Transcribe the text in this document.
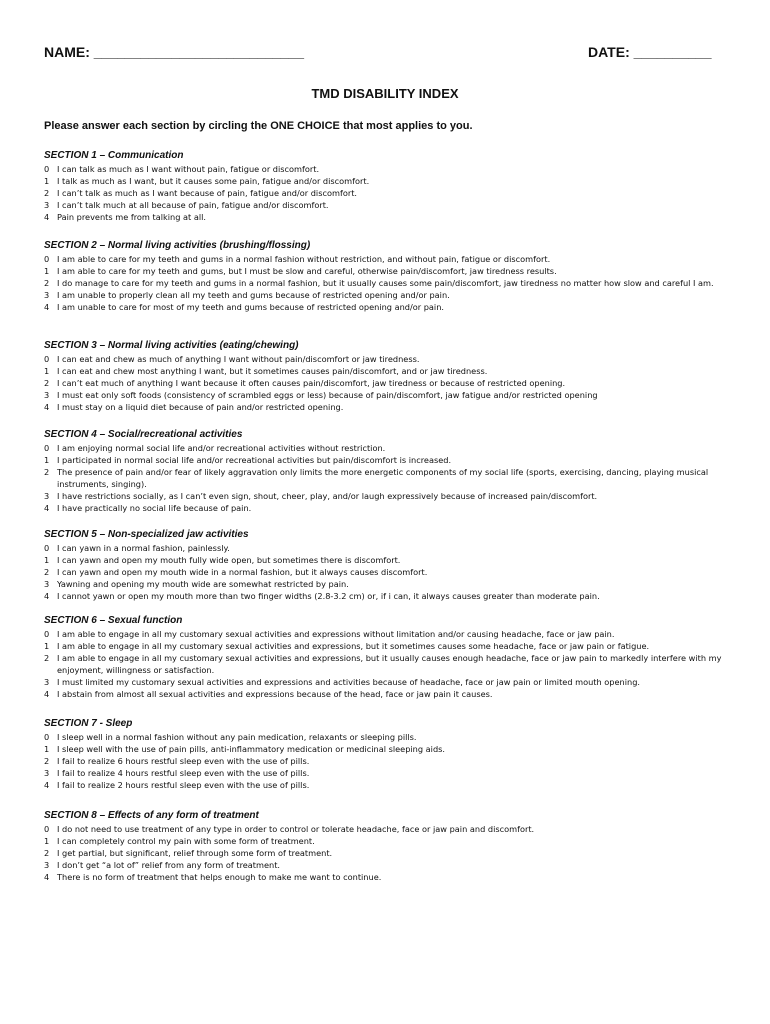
NAME: ___________________________	DATE: __________
TMD DISABILITY INDEX
Please answer each section by circling the ONE CHOICE that most applies to you.
SECTION 1 – Communication
0 I can talk as much as I want without pain, fatigue or discomfort.
1 I talk as much as I want, but it causes some pain, fatigue and/or discomfort.
2 I can’t talk as much as I want because of pain, fatigue and/or discomfort.
3 I can’t talk much at all because of pain, fatigue and/or discomfort.
4 Pain prevents me from talking at all.
SECTION 2 – Normal living activities (brushing/flossing)
0 I am able to care for my teeth and gums in a normal fashion without restriction, and without pain, fatigue or discomfort.
1 I am able to care for my teeth and gums, but I must be slow and careful, otherwise pain/discomfort, jaw tiredness results.
2 I do manage to care for my teeth and gums in a normal fashion, but it usually causes some pain/discomfort, jaw tiredness no matter how slow and careful I am.
3 I am unable to properly clean all my teeth and gums because of restricted opening and/or pain.
4 I am unable to care for most of my teeth and gums because of restricted opening and/or pain.
SECTION 3 – Normal living activities (eating/chewing)
0 I can eat and chew as much of anything I want without pain/discomfort or jaw tiredness.
1 I can eat and chew most anything I want, but it sometimes causes pain/discomfort, and or jaw tiredness.
2 I can’t eat much of anything I want because it often causes pain/discomfort, jaw tiredness or because of restricted opening.
3 I must eat only soft foods (consistency of scrambled eggs or less) because of pain/discomfort, jaw fatigue and/or restricted opening
4 I must stay on a liquid diet because of pain and/or restricted opening.
SECTION 4 – Social/recreational activities
0 I am enjoying normal social life and/or recreational activities without restriction.
1 I participated in normal social life and/or recreational activities but pain/discomfort is increased.
2 The presence of pain and/or fear of likely aggravation only limits the more energetic components of my social life (sports, exercising, dancing, playing musical instruments, singing).
3 I have restrictions socially, as I can’t even sign, shout, cheer, play, and/or laugh expressively because of increased pain/discomfort.
4 I have practically no social life because of pain.
SECTION 5 – Non-specialized jaw activities
0 I can yawn in a normal fashion, painlessly.
1 I can yawn and open my mouth fully wide open, but sometimes there is discomfort.
2 I can yawn and open my mouth wide in a normal fashion, but it always causes discomfort.
3 Yawning and opening my mouth wide are somewhat restricted by pain.
4 I cannot yawn or open my mouth more than two finger widths (2.8-3.2 cm) or, if i can, it always causes greater than moderate pain.
SECTION 6 – Sexual function
0 I am able to engage in all my customary sexual activities and expressions without limitation and/or causing headache, face or jaw pain.
1 I am able to engage in all my customary sexual activities and expressions, but it sometimes causes some headache, face or jaw pain or fatigue.
2 I am able to engage in all my customary sexual activities and expressions, but it usually causes enough headache, face or jaw pain to markedly interfere with my enjoyment, willingness or satisfaction.
3 I must limited my customary sexual activities and expressions and activities because of headache, face or jaw pain or limited mouth opening.
4 I abstain from almost all sexual activities and expressions because of the head, face or jaw pain it causes.
SECTION 7 - Sleep
0 I sleep well in a normal fashion without any pain medication, relaxants or sleeping pills.
1 I sleep well with the use of pain pills, anti-inflammatory medication or medicinal sleeping aids.
2 I fail to realize 6 hours restful sleep even with the use of pills.
3 I fail to realize 4 hours restful sleep even with the use of pills.
4 I fail to realize 2 hours restful sleep even with the use of pills.
SECTION 8 – Effects of any form of treatment
0 I do not need to use treatment of any type in order to control or tolerate headache, face or jaw pain and discomfort.
1 I can completely control my pain with some form of treatment.
2 I get partial, but significant, relief through some form of treatment.
3 I don’t get “a lot of” relief from any form of treatment.
4 There is no form of treatment that helps enough to make me want to continue.
